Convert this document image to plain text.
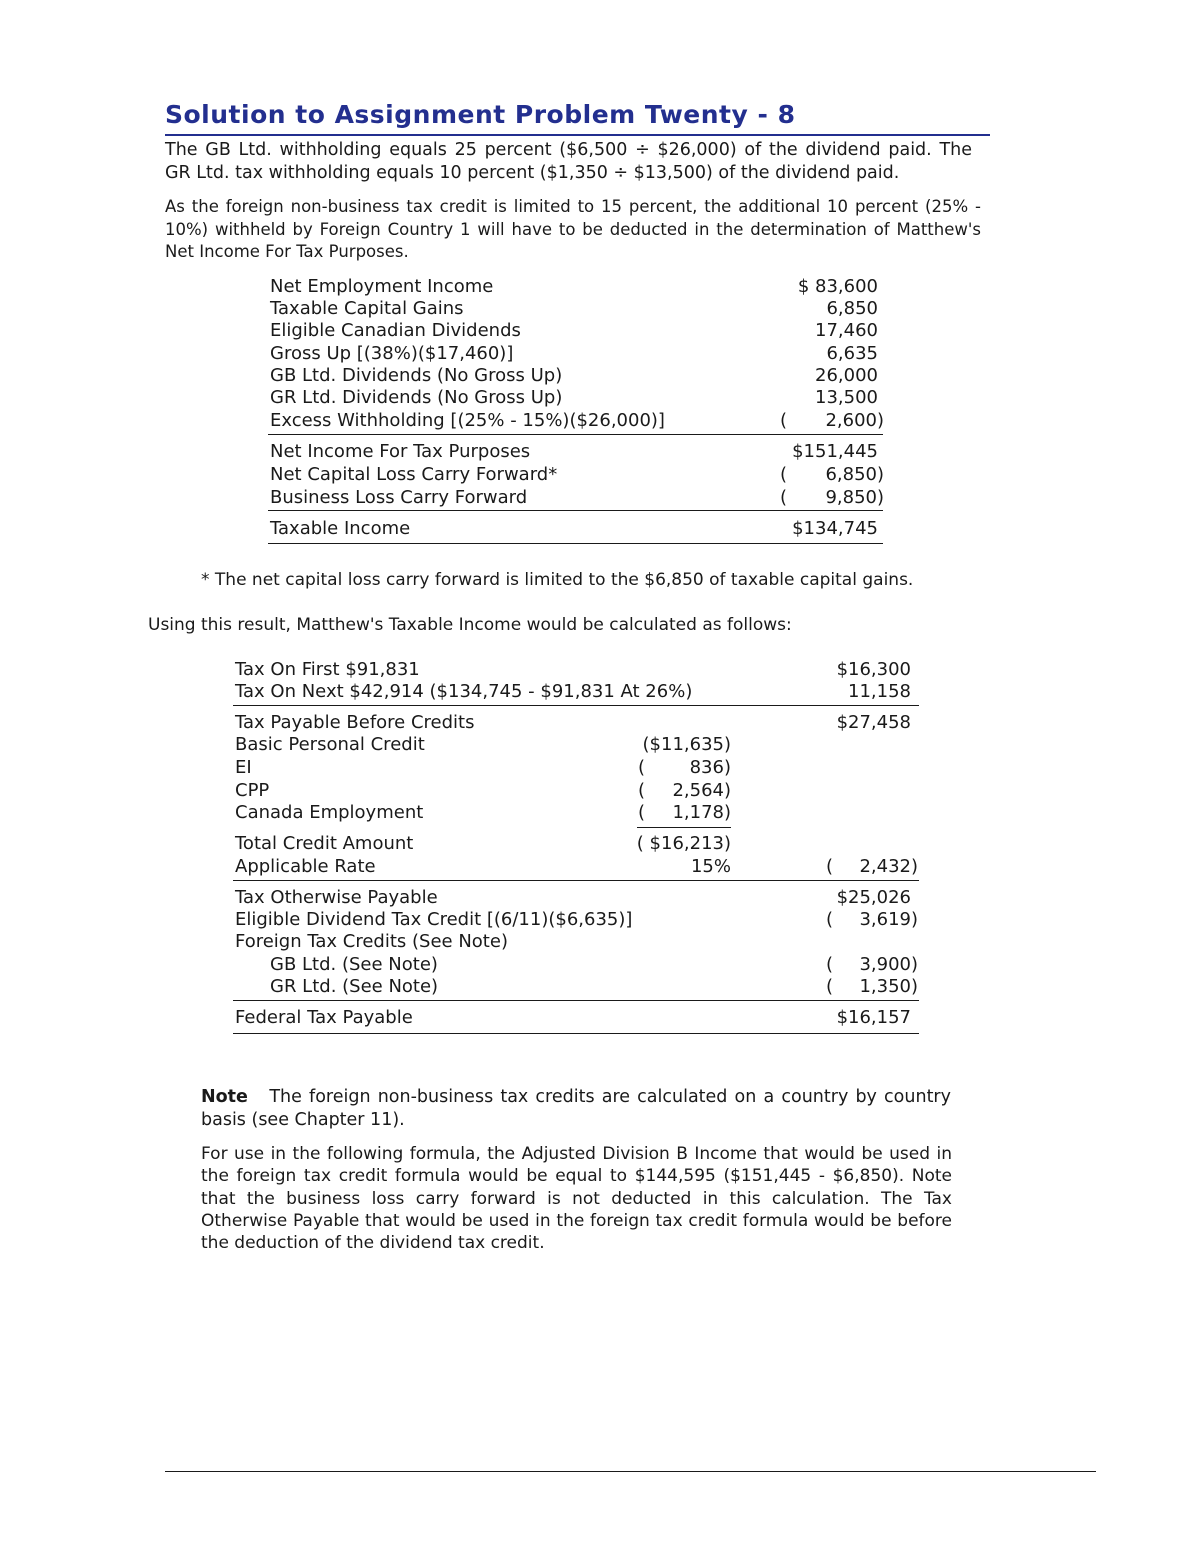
Solution to Assignment Problem Twenty - 8
The GB Ltd. withholding equals 25 percent ($6,500 ÷ $26,000) of the dividend paid. The GR Ltd. tax withholding equals 10 percent ($1,350 ÷ $13,500) of the dividend paid.
As the foreign non-business tax credit is limited to 15 percent, the additional 10 percent (25% - 10%) withheld by Foreign Country 1 will have to be deducted in the determination of Matthew's Net Income For Tax Purposes.
Net Employment Income	$ 83,600
Taxable Capital Gains	6,850
Eligible Canadian Dividends	17,460
Gross Up [(38%)($17,460)]	6,635
GB Ltd. Dividends (No Gross Up)	26,000
GR Ltd. Dividends (No Gross Up)	13,500
Excess Withholding [(25% - 15%)($26,000)]	( 2,600)
Net Income For Tax Purposes	$151,445
Net Capital Loss Carry Forward*	( 6,850)
Business Loss Carry Forward	( 9,850)
Taxable Income	$134,745
* The net capital loss carry forward is limited to the $6,850 of taxable capital gains.
Using this result, Matthew's Taxable Income would be calculated as follows:
Tax On First $91,831	$16,300
Tax On Next $42,914 ($134,745 - $91,831 At 26%)	11,158
Tax Payable Before Credits	$27,458
Basic Personal Credit	($11,635)
EI	( 836)
CPP	( 2,564)
Canada Employment	( 1,178)
Total Credit Amount	( $16,213)
Applicable Rate	15%	( 2,432)
Tax Otherwise Payable	$25,026
Eligible Dividend Tax Credit [(6/11)($6,635)]	( 3,619)
Foreign Tax Credits (See Note)
GB Ltd. (See Note)	( 3,900)
GR Ltd. (See Note)	( 1,350)
Federal Tax Payable	$16,157
Note The foreign non-business tax credits are calculated on a country by country basis (see Chapter 11).
For use in the following formula, the Adjusted Division B Income that would be used in the foreign tax credit formula would be equal to $144,595 ($151,445 - $6,850). Note that the business loss carry forward is not deducted in this calculation. The Tax Otherwise Payable that would be used in the foreign tax credit formula would be before the deduction of the dividend tax credit.
